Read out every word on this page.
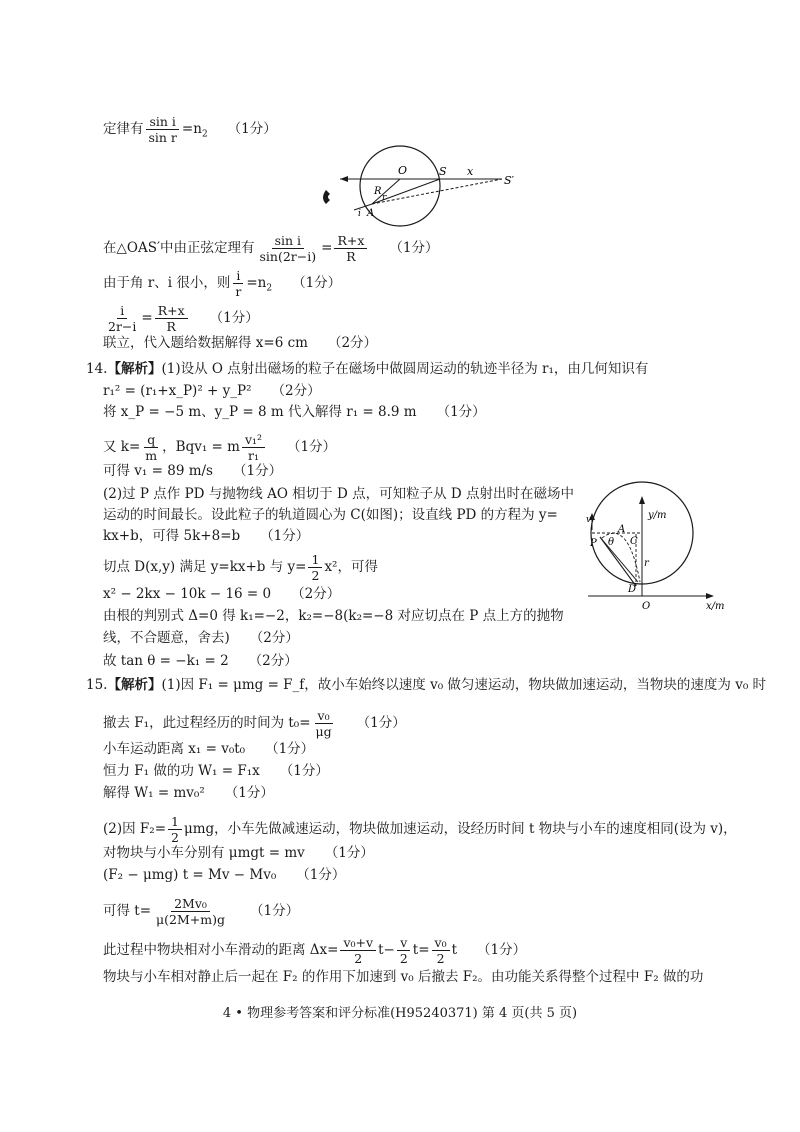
定律有 $\frac{\text{sin i}}{\text{sin r}} =n_2$ （1分）
O	S x
S′
R
r
i A
在△OAS′中由正弦定理有 $\frac{\text{sin i}}{\sin(2r-i)} = \frac{R+x}{R} (1$分）
由于角 r、i 很小，则 $\frac{i}{r} =n_2$ （1分）
$\frac{i}{2r-i} = \frac{R+x}{R} (1$分）
联立，代入题给数据解得 x=6 cm （2分）
14.【解析】(1)设从 O 点射出磁场的粒子在磁场中做圆周运动的轨迹半径为 r₁，由几何知识有
r₁² = (r₁+x_P)² + y_P² （2分）
将 x_P = −5 m、y_P = 8 m 代入解得 r₁ = 8.9 m （1分）
又 $k= \frac{q}{m}$ ，Bqv₁ = m $\frac{\text{v₁²}}{\text{r₁}} (1$分）
可得 v₁ = 89 m/s （1分）
(2)过 P 点作 PD 与抛物线 AO 相切于 D 点，可知粒子从 D 点射出时在磁场中
运动的时间最长。设此粒子的轨道圆心为 C(如图)；设直线 PD 的方程为 y=
kx+b，可得 5k+8=b （1分）
切点 D(x,y) 满足 y=kx+b 与 $y= \frac{1}{2} x^2$，可得
x² − 2kx − 10k − 16 = 0 （2分）
由根的判别式 Δ=0 得 k₁=−2，k₂=−8(k₂=−8 对应切点在 P 点上方的抛物
线，不合题意，舍去) （2分）
故 tan θ = −k₁ = 2 （2分）
v	y/m
P
A
θ C
r
D
O	x/m
15.【解析】(1)因 F₁ = μmg = F_f，故小车始终以速度 v₀ 做匀速运动，物块做加速运动，当物块的速度为 v₀ 时
撤去 F₁，此过程经历的时间为 $t_0= \frac{\text{v₀}}{\mu g} (1$分）
小车运动距离 x₁ = v₀t₀ （1分）
恒力 F₁ 做的功 W₁ = F₁x （1分）
解得 W₁ = mv₀² （1分）
(2)因 $F_2= \frac{1}{2}$ μmg，小车先做减速运动，物块做加速运动，设经历时间 t 物块与小车的速度相同(设为 v)，
对物块与小车分别有 μmgt = mv （1分）
(F₂ − μmg) t = Mv − Mv₀ （1分）
可得 $t= \frac{\text{2Mv₀}}{\mu(2M+m)g} (1$分）
此过程中物块相对小车滑动的距离 $\Delta x= \frac{\text{v₀+v}}{2} t- \frac{v}{2} t= \frac{\text{v₀}}{2}$ t （1分）
物块与小车相对静止后一起在 F₂ 的作用下加速到 v₀ 后撤去 F₂。由功能关系得整个过程中 F₂ 做的功
4 • 物理参考答案和评分标准(H95240371) 第 4 页(共 5 页)
